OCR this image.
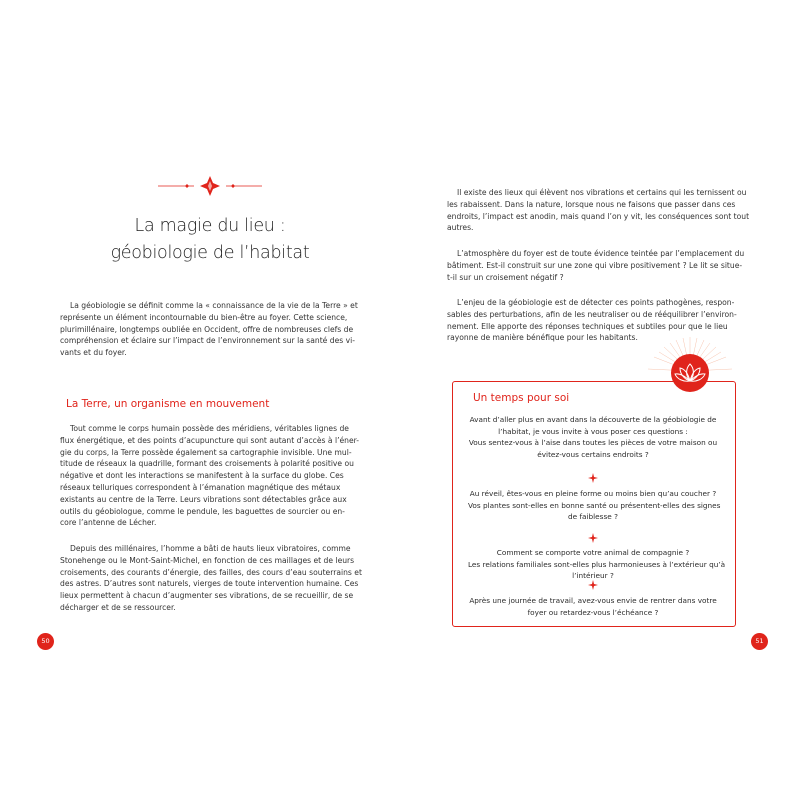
La magie du lieu :
géobiologie de l’habitat
La géobiologie se définit comme la « connaissance de la vie de la Terre » et
représente un élément incontournable du bien-être au foyer. Cette science,
plurimillénaire, longtemps oubliée en Occident, offre de nombreuses clefs de
compréhension et éclaire sur l’impact de l’environnement sur la santé des vi-
vants et du foyer.
La Terre, un organisme en mouvement
Tout comme le corps humain possède des méridiens, véritables lignes de
flux énergétique, et des points d’acupuncture qui sont autant d’accès à l’éner-
gie du corps, la Terre possède également sa cartographie invisible. Une mul-
titude de réseaux la quadrille, formant des croisements à polarité positive ou
négative et dont les interactions se manifestent à la surface du globe. Ces
réseaux telluriques correspondent à l’émanation magnétique des métaux
existants au centre de la Terre. Leurs vibrations sont détectables grâce aux
outils du géobiologue, comme le pendule, les baguettes de sourcier ou en-
core l’antenne de Lécher.
Depuis des millénaires, l’homme a bâti de hauts lieux vibratoires, comme
Stonehenge ou le Mont-Saint-Michel, en fonction de ces maillages et de leurs
croisements, des courants d’énergie, des failles, des cours d’eau souterrains et
des astres. D’autres sont naturels, vierges de toute intervention humaine. Ces
lieux permettent à chacun d’augmenter ses vibrations, de se recueillir, de se
décharger et de se ressourcer.
50
Il existe des lieux qui élèvent nos vibrations et certains qui les ternissent ou
les rabaissent. Dans la nature, lorsque nous ne faisons que passer dans ces
endroits, l’impact est anodin, mais quand l’on y vit, les conséquences sont tout
autres.
L’atmosphère du foyer est de toute évidence teintée par l’emplacement du
bâtiment. Est-il construit sur une zone qui vibre positivement ? Le lit se situe-
t-il sur un croisement négatif ?
L’enjeu de la géobiologie est de détecter ces points pathogènes, respon-
sables des perturbations, afin de les neutraliser ou de rééquilibrer l’environ-
nement. Elle apporte des réponses techniques et subtiles pour que le lieu
rayonne de manière bénéfique pour les habitants.
Un temps pour soi
Avant d’aller plus en avant dans la découverte de la géobiologie de
l’habitat, je vous invite à vous poser ces questions :
Vous sentez-vous à l’aise dans toutes les pièces de votre maison ou
évitez-vous certains endroits ?
Au réveil, êtes-vous en pleine forme ou moins bien qu’au coucher ?
Vos plantes sont-elles en bonne santé ou présentent-elles des signes
de faiblesse ?
Comment se comporte votre animal de compagnie ?
Les relations familiales sont-elles plus harmonieuses à l’extérieur qu’à
l’intérieur ?
Après une journée de travail, avez-vous envie de rentrer dans votre
foyer ou retardez-vous l’échéance ?
51
